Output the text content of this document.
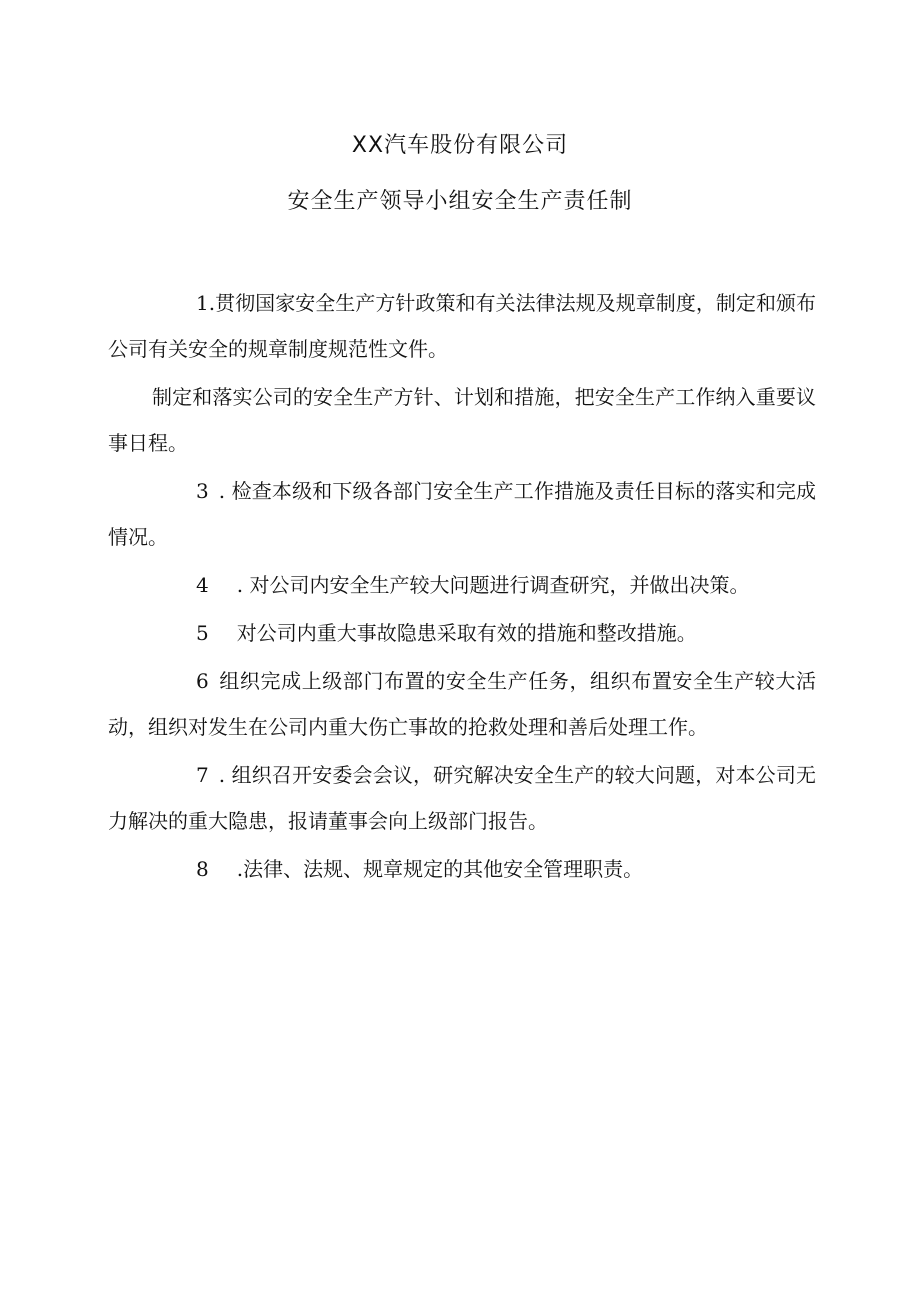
XX汽车股份有限公司
安全生产领导小组安全生产责任制

1.贯彻国家安全生产方针政策和有关法律法规及规章制度，制定和颁布公司有关安全的规章制度规范性文件。

制定和落实公司的安全生产方针、计划和措施，把安全生产工作纳入重要议事日程。

3 . 检查本级和下级各部门安全生产工作措施及责任目标的落实和完成情况。

4 . 对公司内安全生产较大问题进行调查研究，并做出决策。

5 对公司内重大事故隐患采取有效的措施和整改措施。

6 组织完成上级部门布置的安全生产任务，组织布置安全生产较大活动，组织对发生在公司内重大伤亡事故的抢救处理和善后处理工作。

7 . 组织召开安委会会议，研究解决安全生产的较大问题，对本公司无力解决的重大隐患，报请董事会向上级部门报告。

8 .法律、法规、规章规定的其他安全管理职责。
